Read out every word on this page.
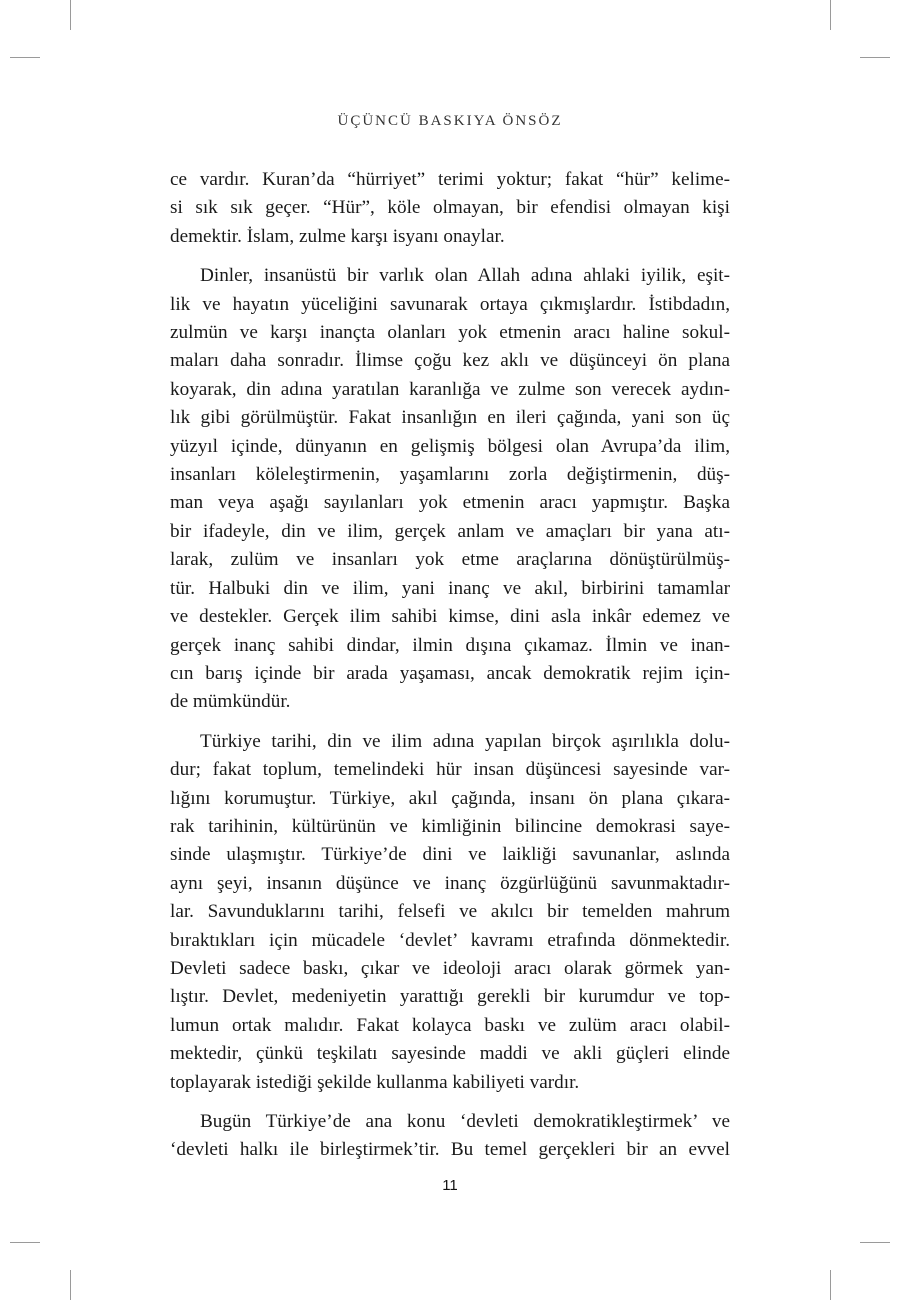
ÜÇÜNCÜ BASKIYA ÖNSÖZ
ce vardır. Kuran’da “hürriyet” terimi yoktur; fakat “hür” kelime-
si sık sık geçer. “Hür”, köle olmayan, bir efendisi olmayan kişi
demektir. İslam, zulme karşı isyanı onaylar.
Dinler, insanüstü bir varlık olan Allah adına ahlaki iyilik, eşit-
lik ve hayatın yüceliğini savunarak ortaya çıkmışlardır. İstibdadın,
zulmün ve karşı inançta olanları yok etmenin aracı haline sokul-
maları daha sonradır. İlimse çoğu kez aklı ve düşünceyi ön plana
koyarak, din adına yaratılan karanlığa ve zulme son verecek aydın-
lık gibi görülmüştür. Fakat insanlığın en ileri çağında, yani son üç
yüzyıl içinde, dünyanın en gelişmiş bölgesi olan Avrupa’da ilim,
insanları köleleştirmenin, yaşamlarını zorla değiştirmenin, düş-
man veya aşağı sayılanları yok etmenin aracı yapmıştır. Başka
bir ifadeyle, din ve ilim, gerçek anlam ve amaçları bir yana atı-
larak, zulüm ve insanları yok etme araçlarına dönüştürülmüş-
tür. Halbuki din ve ilim, yani inanç ve akıl, birbirini tamamlar
ve destekler. Gerçek ilim sahibi kimse, dini asla inkâr edemez ve
gerçek inanç sahibi dindar, ilmin dışına çıkamaz. İlmin ve inan-
cın barış içinde bir arada yaşaması, ancak demokratik rejim için-
de mümkündür.
Türkiye tarihi, din ve ilim adına yapılan birçok aşırılıkla dolu-
dur; fakat toplum, temelindeki hür insan düşüncesi sayesinde var-
lığını korumuştur. Türkiye, akıl çağında, insanı ön plana çıkara-
rak tarihinin, kültürünün ve kimliğinin bilincine demokrasi saye-
sinde ulaşmıştır. Türkiye’de dini ve laikliği savunanlar, aslında
aynı şeyi, insanın düşünce ve inanç özgürlüğünü savunmaktadır-
lar. Savunduklarını tarihi, felsefi ve akılcı bir temelden mahrum
bıraktıkları için mücadele ‘devlet’ kavramı etrafında dönmektedir.
Devleti sadece baskı, çıkar ve ideoloji aracı olarak görmek yan-
lıştır. Devlet, medeniyetin yarattığı gerekli bir kurumdur ve top-
lumun ortak malıdır. Fakat kolayca baskı ve zulüm aracı olabil-
mektedir, çünkü teşkilatı sayesinde maddi ve akli güçleri elinde
toplayarak istediği şekilde kullanma kabiliyeti vardır.
Bugün Türkiye’de ana konu ‘devleti demokratikleştirmek’ ve
‘devleti halkı ile birleştirmek’tir. Bu temel gerçekleri bir an evvel
11
